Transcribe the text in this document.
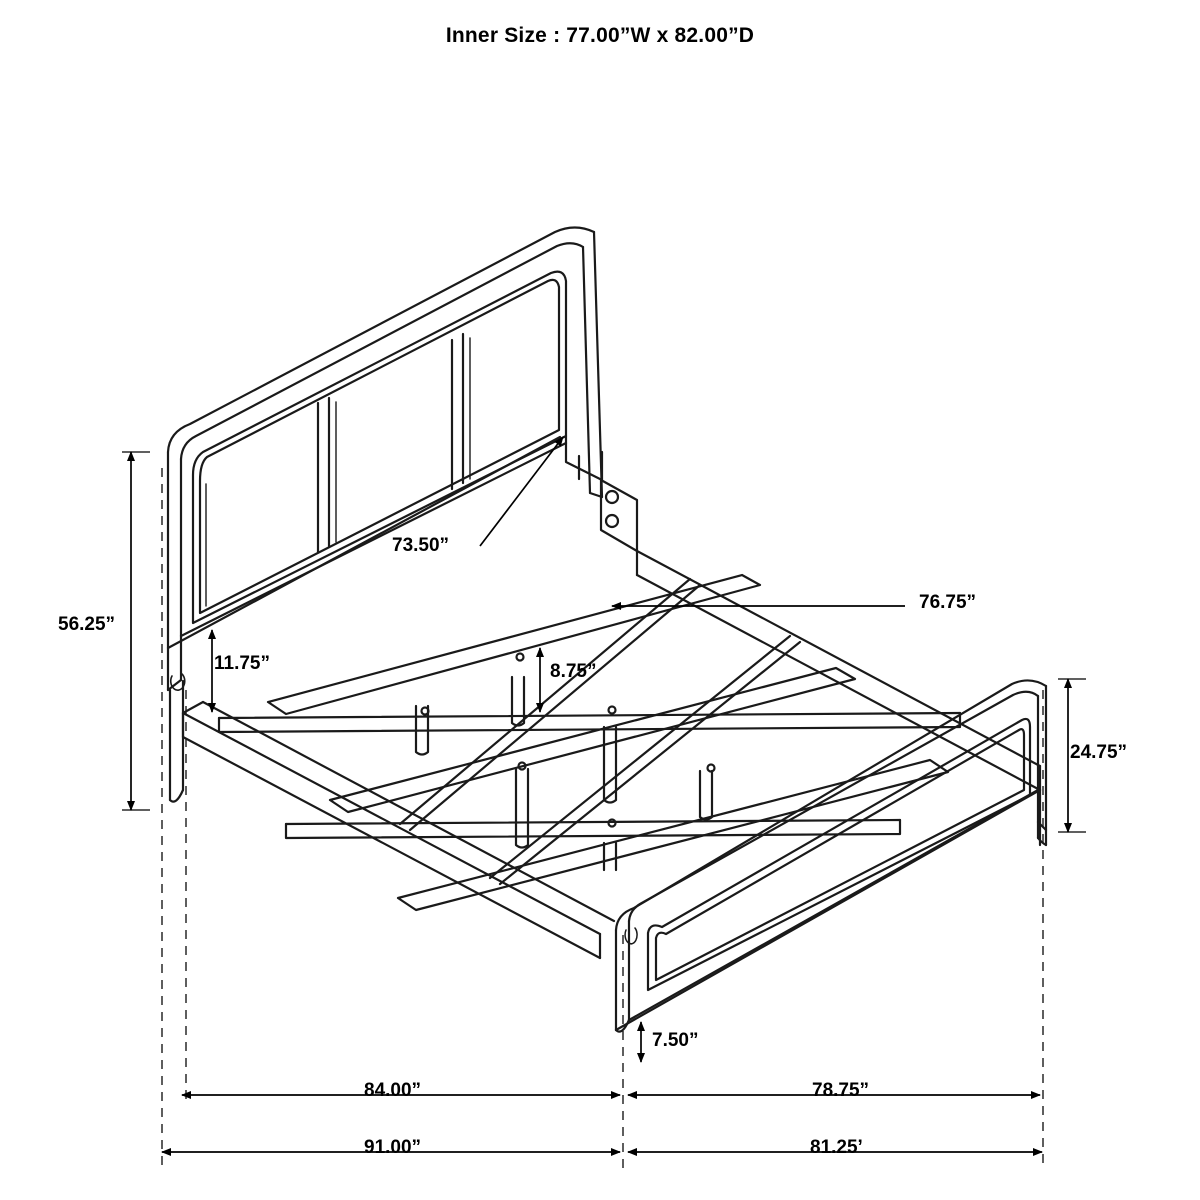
Inner Size : 77.00”W x 82.00”D
56.25”
73.50”
11.75”	8.75”
76.75”
24.75”
7.50”
84.00”	78.75”
91.00”	81.25’
